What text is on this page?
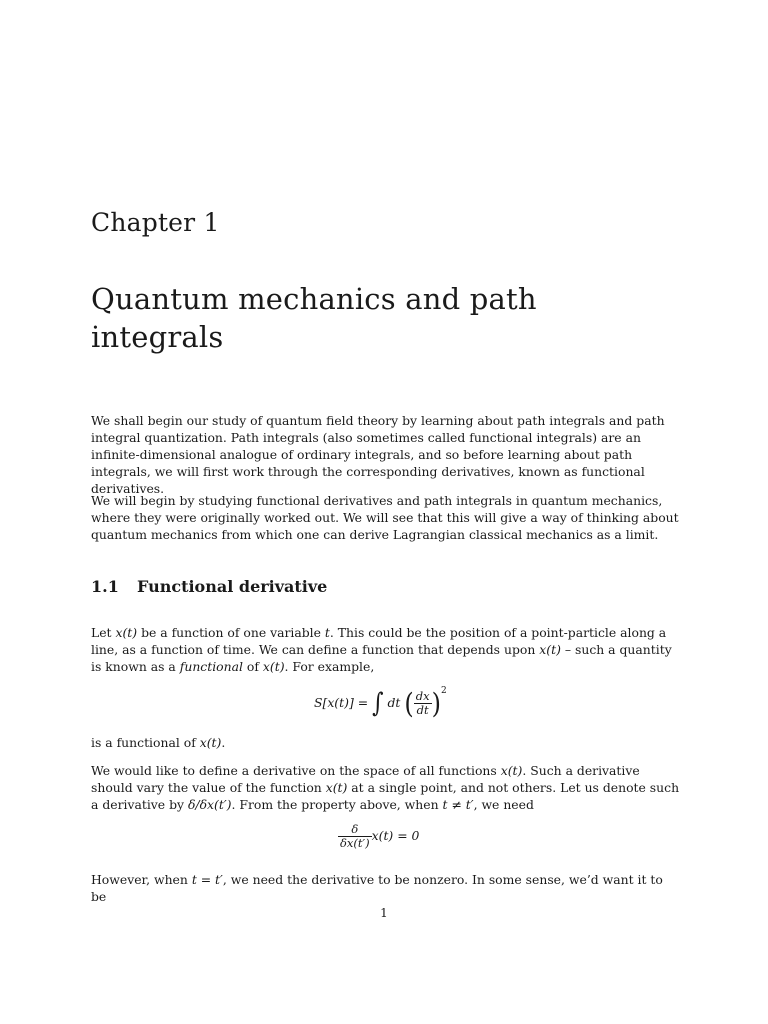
Chapter 1
Quantum mechanics and path integrals
We shall begin our study of quantum field theory by learning about path integrals and path integral quantization. Path integrals (also sometimes called functional integrals) are an infinite-dimensional analogue of ordinary integrals, and so before learning about path integrals, we will first work through the corresponding derivatives, known as functional derivatives.
We will begin by studying functional derivatives and path integrals in quantum mechanics, where they were originally worked out. We will see that this will give a way of thinking about quantum mechanics from which one can derive Lagrangian classical mechanics as a limit.
1.1 Functional derivative
Let x(t) be a function of one variable t. This could be the position of a point-particle along a line, as a function of time. We can define a function that depends upon x(t) – such a quantity is known as a functional of x(t). For example,
S[x(t)] = ∫ dt ( $\frac{dx}{dt} )^2$
is a functional of x(t).
We would like to define a derivative on the space of all functions x(t). Such a derivative should vary the value of the function x(t) at a single point, and not others. Let us denote such a derivative by δ/δx(t′). From the property above, when t ≠ t′, we need
$\frac{\delta}{\delta x(t')} x(t) = 0$
However, when t = t′, we need the derivative to be nonzero. In some sense, we’d want it to be
1
